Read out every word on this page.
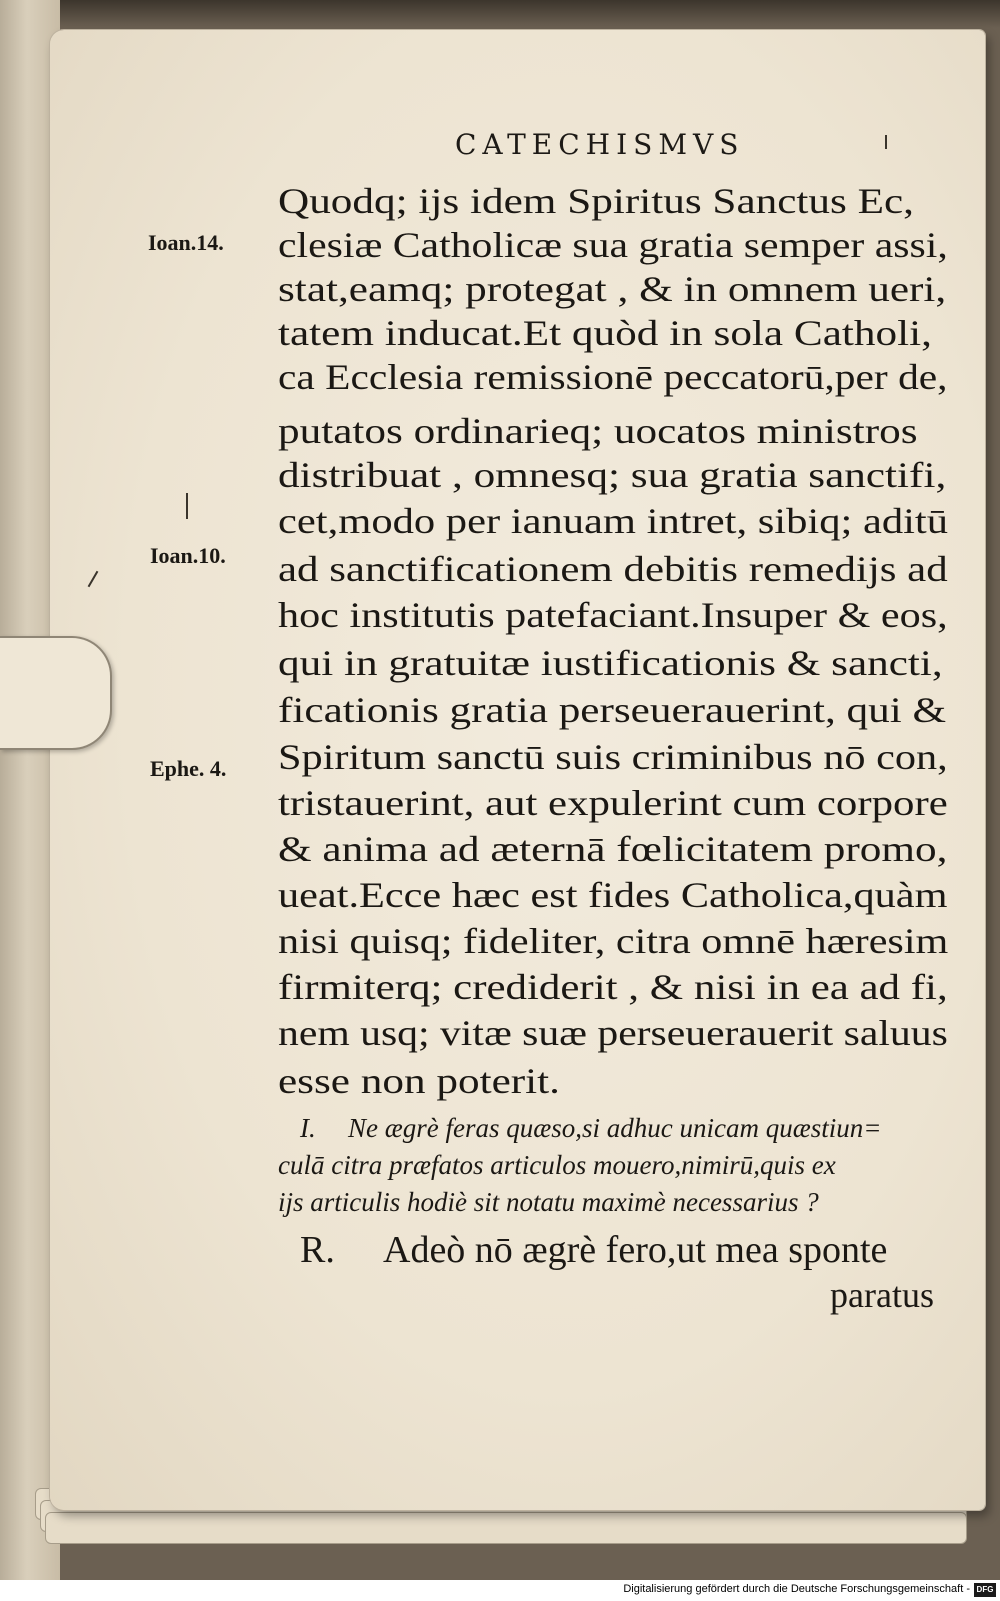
CATECHISMVS
Ioan.14.
Ioan.10.
Ephe. 4.
Quodq; ijs idem Spiritus Sanctus Ec,
clesiæ Catholicæ sua gratia semper assi,
stat,eamq; protegat , & in omnem ueri,
tatem inducat.Et quòd in sola Catholi,
ca Ecclesia remissionē peccatorū,per de,
putatos ordinarieq; uocatos ministros
distribuat , omnesq; sua gratia sanctifi,
cet,modo per ianuam intret, sibiq; aditū
ad sanctificationem debitis remedijs ad
hoc institutis patefaciant.Insuper & eos,
qui in gratuitæ iustificationis & sancti,
ficationis gratia perseuerauerint, qui &
Spiritum sanctū suis criminibus nō con,
tristauerint, aut expulerint cum corpore
& anima ad æternā fœlicitatem promo,
ueat.Ecce hæc est fides Catholica,quàm
nisi quisq; fideliter, citra omnē hæresim
firmiterq; crediderit , & nisi in ea ad fi,
nem usq; vitæ suæ perseuerauerit saluus
esse non poterit.
I. Ne ægrè feras quæso,si adhuc unicam quæstiun=
culā citra præfatos articulos mouero,nimirū,quis ex
ijs articulis hodiè sit notatu maximè necessarius ?
R. Adeò nō ægrè fero,ut mea sponte
paratus
Digitalisierung gefördert durch die Deutsche Forschungsgemeinschaft - DFG
